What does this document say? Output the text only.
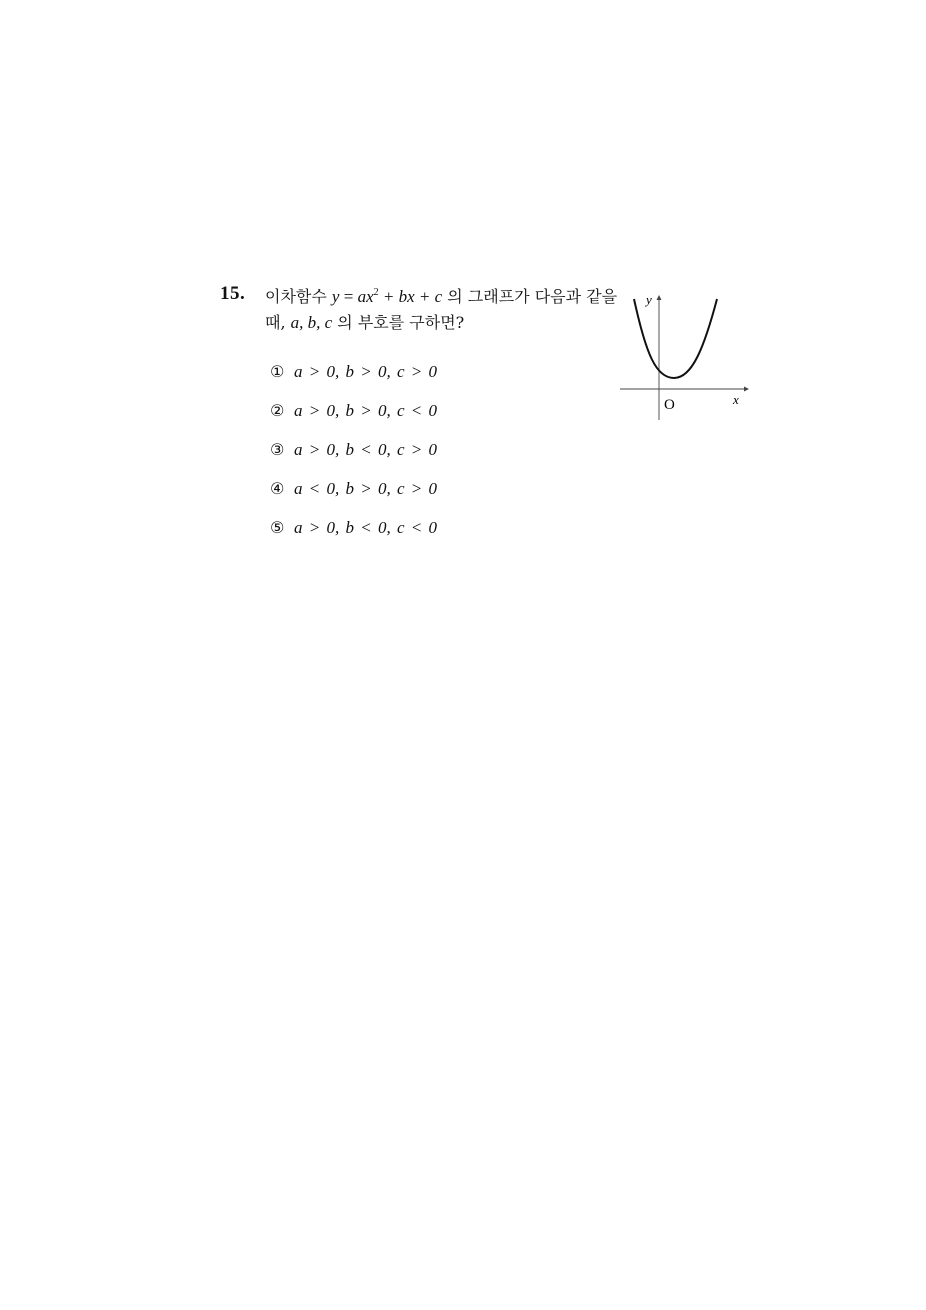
15. 이차함수 $y = ax^2$ + bx + c 의 그래프가 다음과 같을
때, a, b, c 의 부호를 구하면?
① a > 0, b > 0, c > 0
② a > 0, b > 0, c < 0
③ a > 0, b < 0, c > 0
④ a < 0, b > 0, c > 0
⑤ a > 0, b < 0, c < 0
y
x
O
